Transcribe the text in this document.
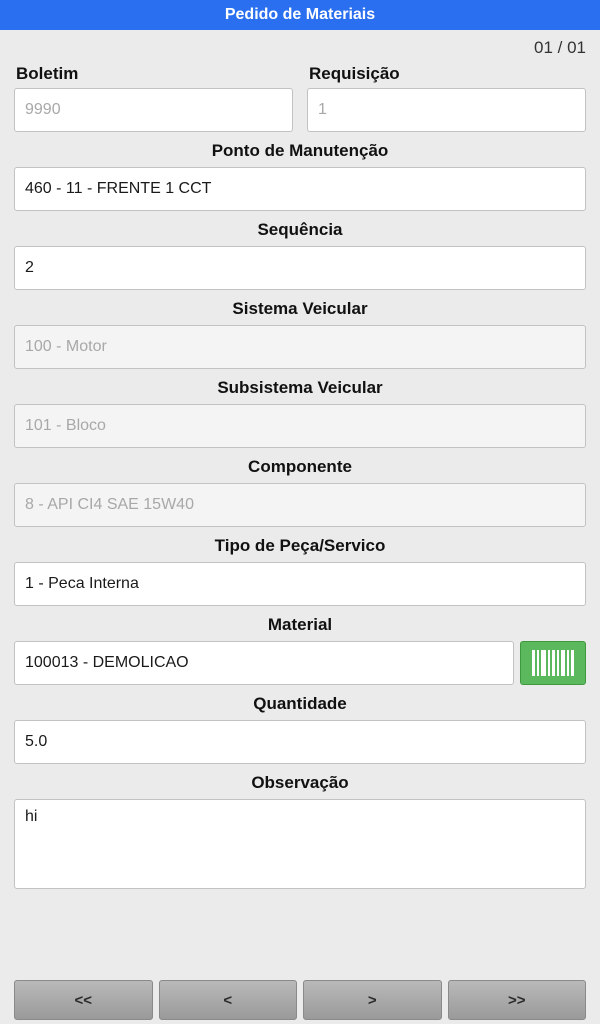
Pedido de Materiais
01 / 01
Boletim
9990
Requisição
1
Ponto de Manutenção
460 - 11 - FRENTE 1 CCT
Sequência
2
Sistema Veicular
100 - Motor
Subsistema Veicular
101 - Bloco
Componente
8 - API CI4 SAE 15W40
Tipo de Peça/Servico
1 - Peca Interna
Material
100013 - DEMOLICAO
Quantidade
5.0
Observação
hi
<<	<	>	>>
